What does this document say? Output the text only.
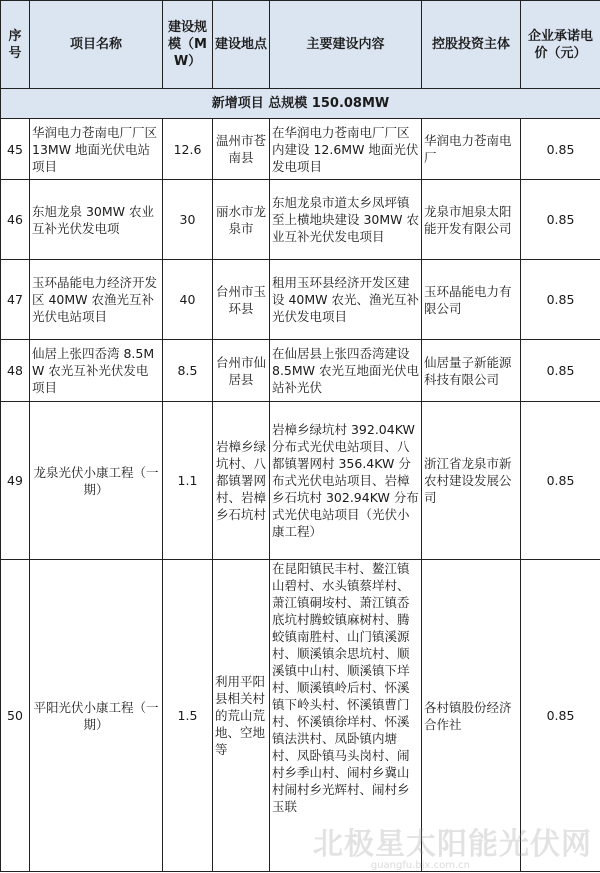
序号	项目名称	建设规模（MW）	建设地点	主要建设内容	控股投资主体	企业承诺电价（元）
新增项目 总规模 150.08MW						
45	华润电力苍南电厂厂区 13MW 地面光伏电站项目	12.6	温州市苍南县	在华润电力苍南电厂厂区内建设 12.6MW 地面光伏发电项目	华润电力苍南电厂	0.85
46	东旭龙泉 30MW 农业互补光伏发电项	30	丽水市龙泉市	东旭龙泉市道太乡凤坪镇至上横地块建设 30MW 农业互补光伏发电项目	龙泉市旭泉太阳能开发有限公司	0.85
47	玉环晶能电力经济开发区 40MW 农渔光互补光伏电站项目	40	台州市玉环县	租用玉环县经济开发区建设 40MW 农光、渔光互补光伏发电项目	玉环晶能电力有限公司	0.85
48	仙居上张四岙湾 8.5MW 农光互补光伏发电项目	8.5	台州市仙居县	在仙居县上张四岙湾建设 8.5MW 农光互地面光伏电站补光伏	仙居量子新能源科技有限公司	0.85
49	龙泉光伏小康工程（一期）	1.1	岩樟乡绿坑村、八都镇署网村、岩樟乡石坑村	岩樟乡绿坑村 392.04KW 分布式光伏电站项目、八都镇署网村 356.4KW 分布式光伏电站项目、岩樟乡石坑村 302.94KW 分布式光伏电站项目（光伏小康工程）	浙江省龙泉市新农村建设发展公司	0.85
50	平阳光伏小康工程（一期）	1.5	利用平阳县相关村的荒山荒地、空地等	在昆阳镇民丰村、鳌江镇山碧村、水头镇蔡垟村、萧江镇硐垵村、萧江镇岙底坑村腾蛟镇麻树村、腾蛟镇南胜村、山门镇溪源村、顺溪镇余思坑村、顺溪镇中山村、顺溪镇下垟村、顺溪镇岭后村、怀溪镇下岭头村、怀溪镇曹门村、怀溪镇徐垟村、怀溪镇法洪村、凤卧镇内塘村、凤卧镇马头岗村、闹村乡季山村、闹村乡冀山村闹村乡光辉村、闹村乡玉联	各村镇股份经济合作社	0.85
北极星太阳能光伏网
guangfu.bjx.com.cn
